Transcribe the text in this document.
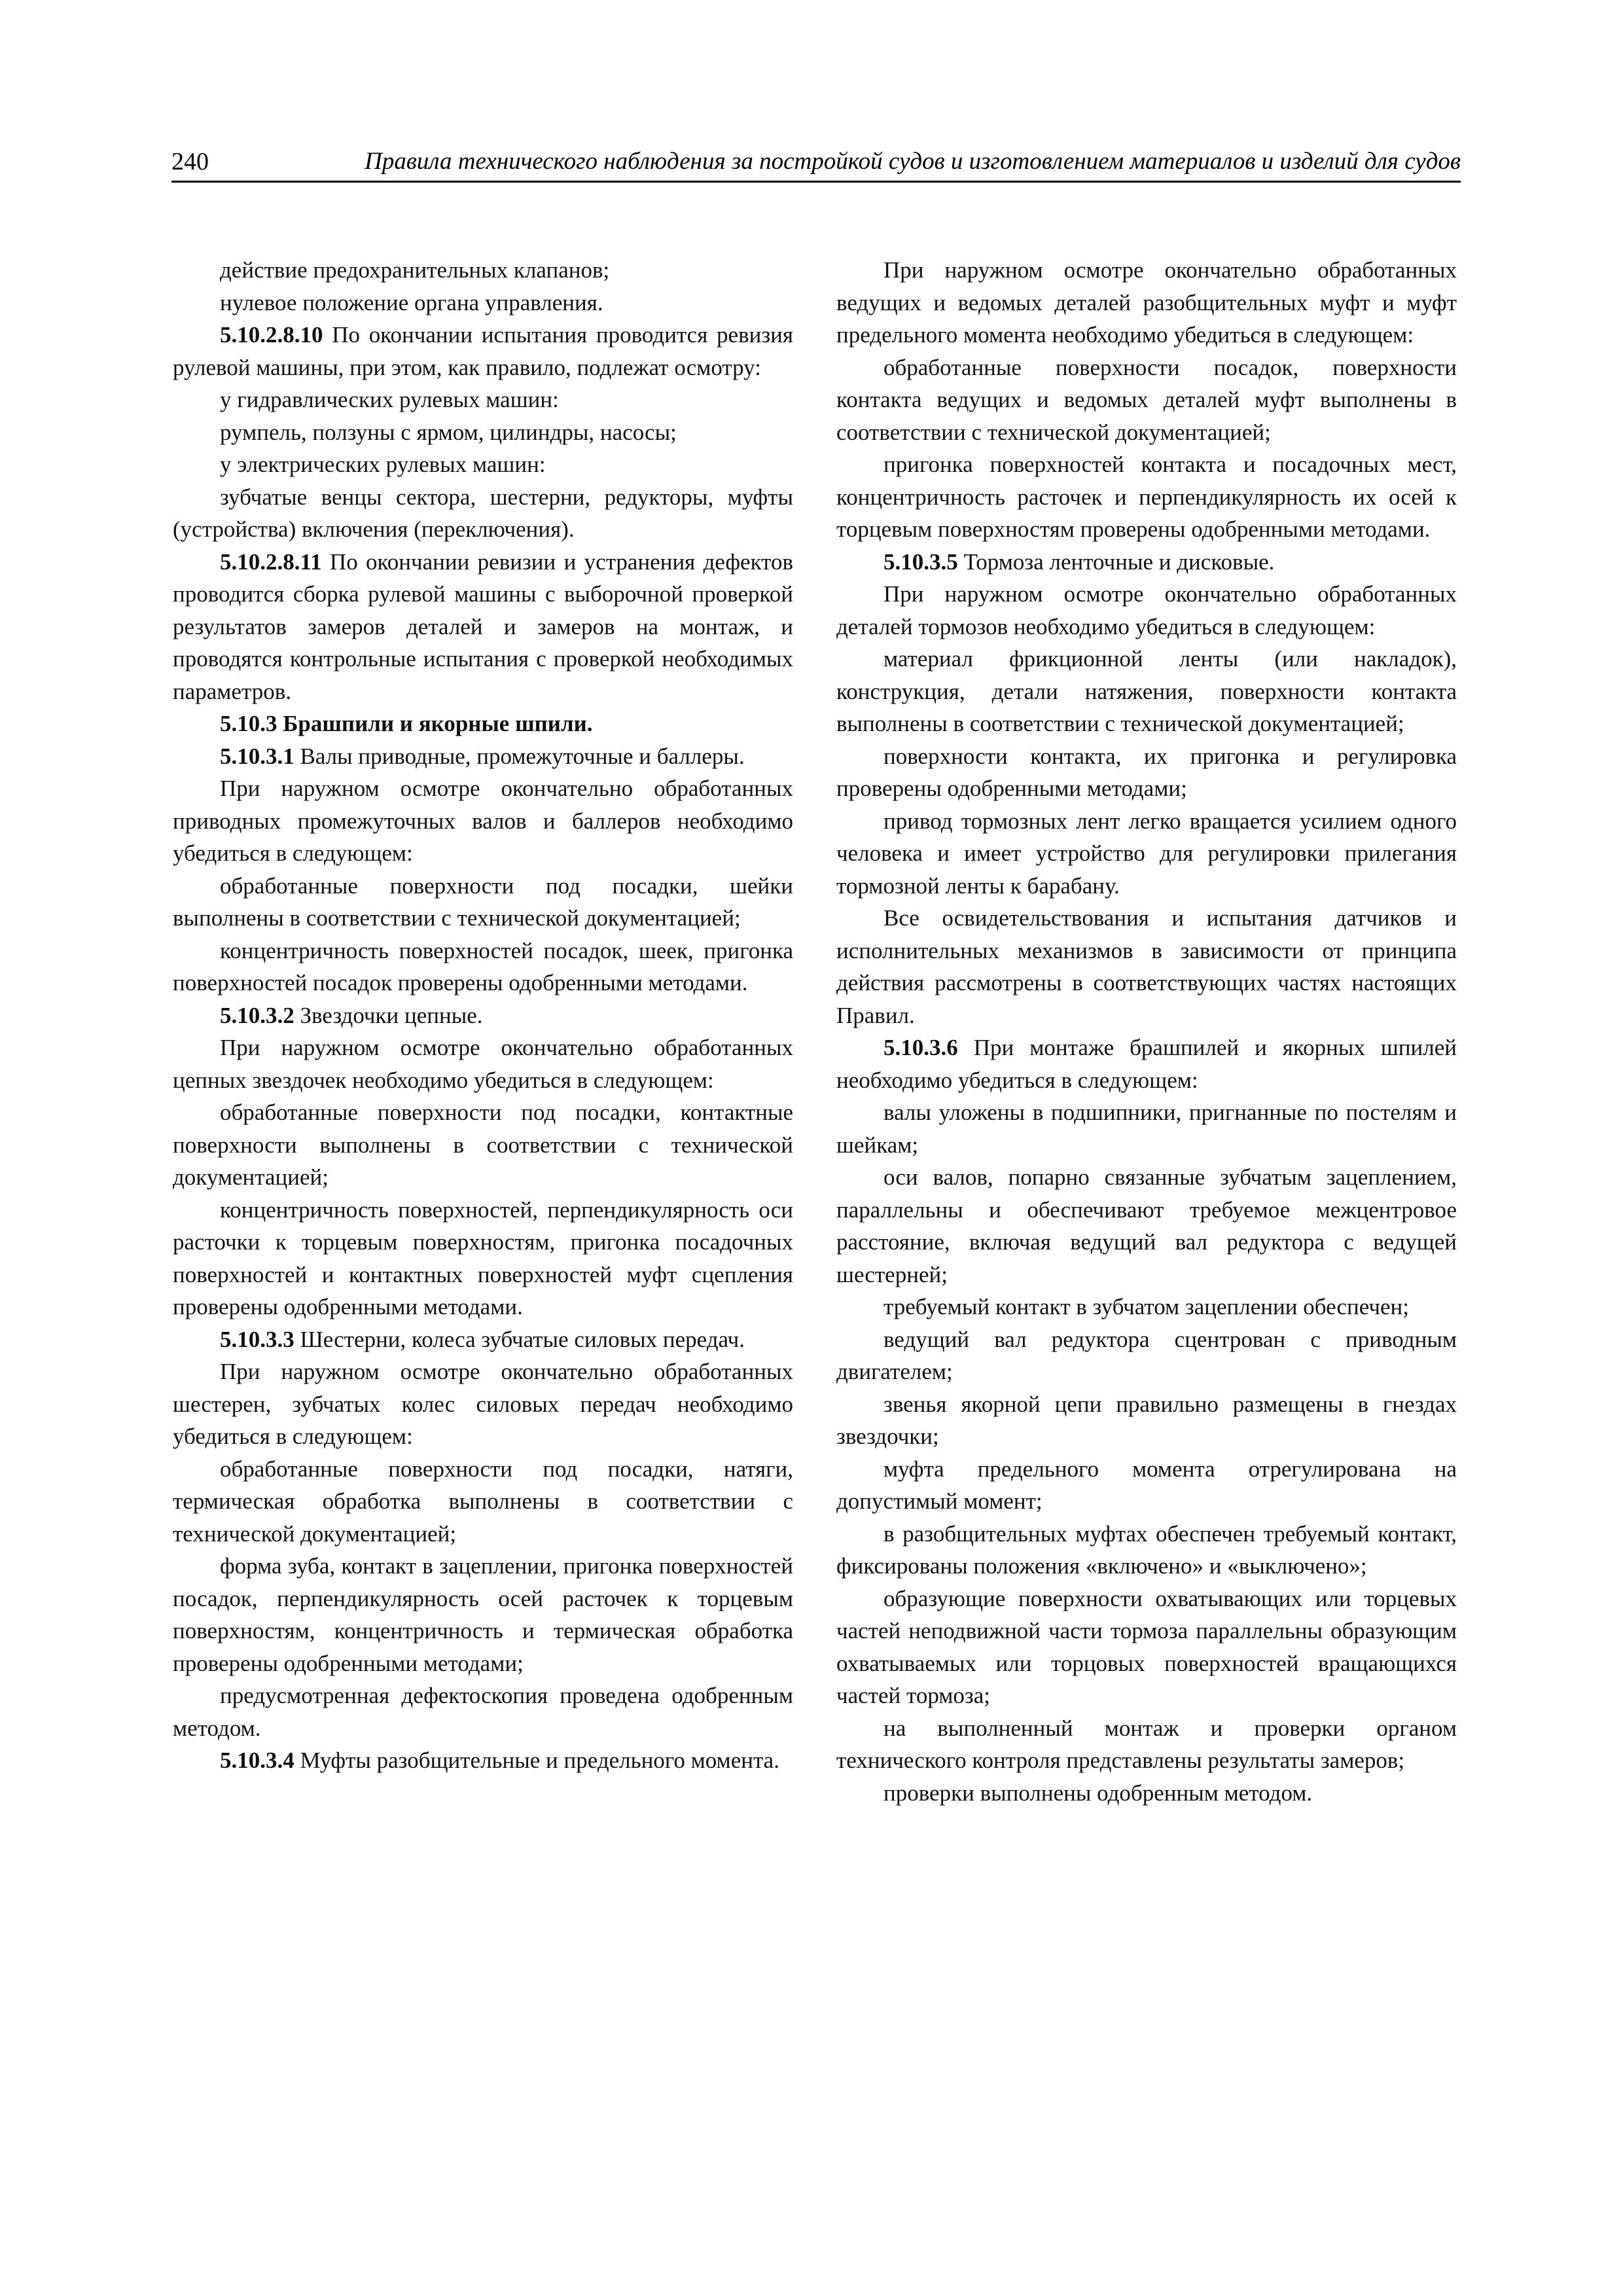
240	Правила технического наблюдения за постройкой судов и изготовлением материалов и изделий для судов

действие предохранительных клапанов;

нулевое положение органа управления.

5.10.2.8.10 По окончании испытания проводится ревизия рулевой машины, при этом, как правило, подлежат осмотру:

у гидравлических рулевых машин:

румпель, ползуны с ярмом, цилиндры, насосы;

у электрических рулевых машин:

зубчатые венцы сектора, шестерни, редукторы, муфты (устройства) включения (переключения).

5.10.2.8.11 По окончании ревизии и устранения дефектов проводится сборка рулевой машины с выборочной проверкой результатов замеров деталей и замеров на монтаж, и проводятся контрольные испытания с проверкой необходимых параметров.

5.10.3 Брашпили и якорные шпили.

5.10.3.1 Валы приводные, промежуточные и баллеры.

При наружном осмотре окончательно обработанных приводных промежуточных валов и баллеров необходимо убедиться в следующем:

обработанные поверхности под посадки, шейки выполнены в соответствии с технической документацией;

концентричность поверхностей посадок, шеек, пригонка поверхностей посадок проверены одобренными методами.

5.10.3.2 Звездочки цепные.

При наружном осмотре окончательно обработанных цепных звездочек необходимо убедиться в следующем:

обработанные поверхности под посадки, контактные поверхности выполнены в соответствии с технической документацией;

концентричность поверхностей, перпендикулярность оси расточки к торцевым поверхностям, пригонка посадочных поверхностей и контактных поверхностей муфт сцепления проверены одобренными методами.

5.10.3.3 Шестерни, колеса зубчатые силовых передач.

При наружном осмотре окончательно обработанных шестерен, зубчатых колес силовых передач необходимо убедиться в следующем:

обработанные поверхности под посадки, натяги, термическая обработка выполнены в соответствии с технической документацией;

форма зуба, контакт в зацеплении, пригонка поверхностей посадок, перпендикулярность осей расточек к торцевым поверхностям, концентричность и термическая обработка проверены одобренными методами;

предусмотренная дефектоскопия проведена одобренным методом.

5.10.3.4 Муфты разобщительные и предельного момента.

При наружном осмотре окончательно обработанных ведущих и ведомых деталей разобщительных муфт и муфт предельного момента необходимо убедиться в следующем:

обработанные поверхности посадок, поверхности контакта ведущих и ведомых деталей муфт выполнены в соответствии с технической документацией;

пригонка поверхностей контакта и посадочных мест, концентричность расточек и перпендикулярность их осей к торцевым поверхностям проверены одобренными методами.

5.10.3.5 Тормоза ленточные и дисковые.

При наружном осмотре окончательно обработанных деталей тормозов необходимо убедиться в следующем:

материал фрикционной ленты (или накладок), конструкция, детали натяжения, поверхности контакта выполнены в соответствии с технической документацией;

поверхности контакта, их пригонка и регулировка проверены одобренными методами;

привод тормозных лент легко вращается усилием одного человека и имеет устройство для регулировки прилегания тормозной ленты к барабану.

Все освидетельствования и испытания датчиков и исполнительных механизмов в зависимости от принципа действия рассмотрены в соответствующих частях настоящих Правил.

5.10.3.6 При монтаже брашпилей и якорных шпилей необходимо убедиться в следующем:

валы уложены в подшипники, пригнанные по постелям и шейкам;

оси валов, попарно связанные зубчатым зацеплением, параллельны и обеспечивают требуемое межцентровое расстояние, включая ведущий вал редуктора с ведущей шестерней;

требуемый контакт в зубчатом зацеплении обеспечен;

ведущий вал редуктора сцентрован с приводным двигателем;

звенья якорной цепи правильно размещены в гнездах звездочки;

муфта предельного момента отрегулирована на допустимый момент;

в разобщительных муфтах обеспечен требуемый контакт, фиксированы положения «включено» и «выключено»;

образующие поверхности охватывающих или торцевых частей неподвижной части тормоза параллельны образующим охватываемых или торцовых поверхностей вращающихся частей тормоза;

на выполненный монтаж и проверки органом технического контроля представлены результаты замеров;

проверки выполнены одобренным методом.
